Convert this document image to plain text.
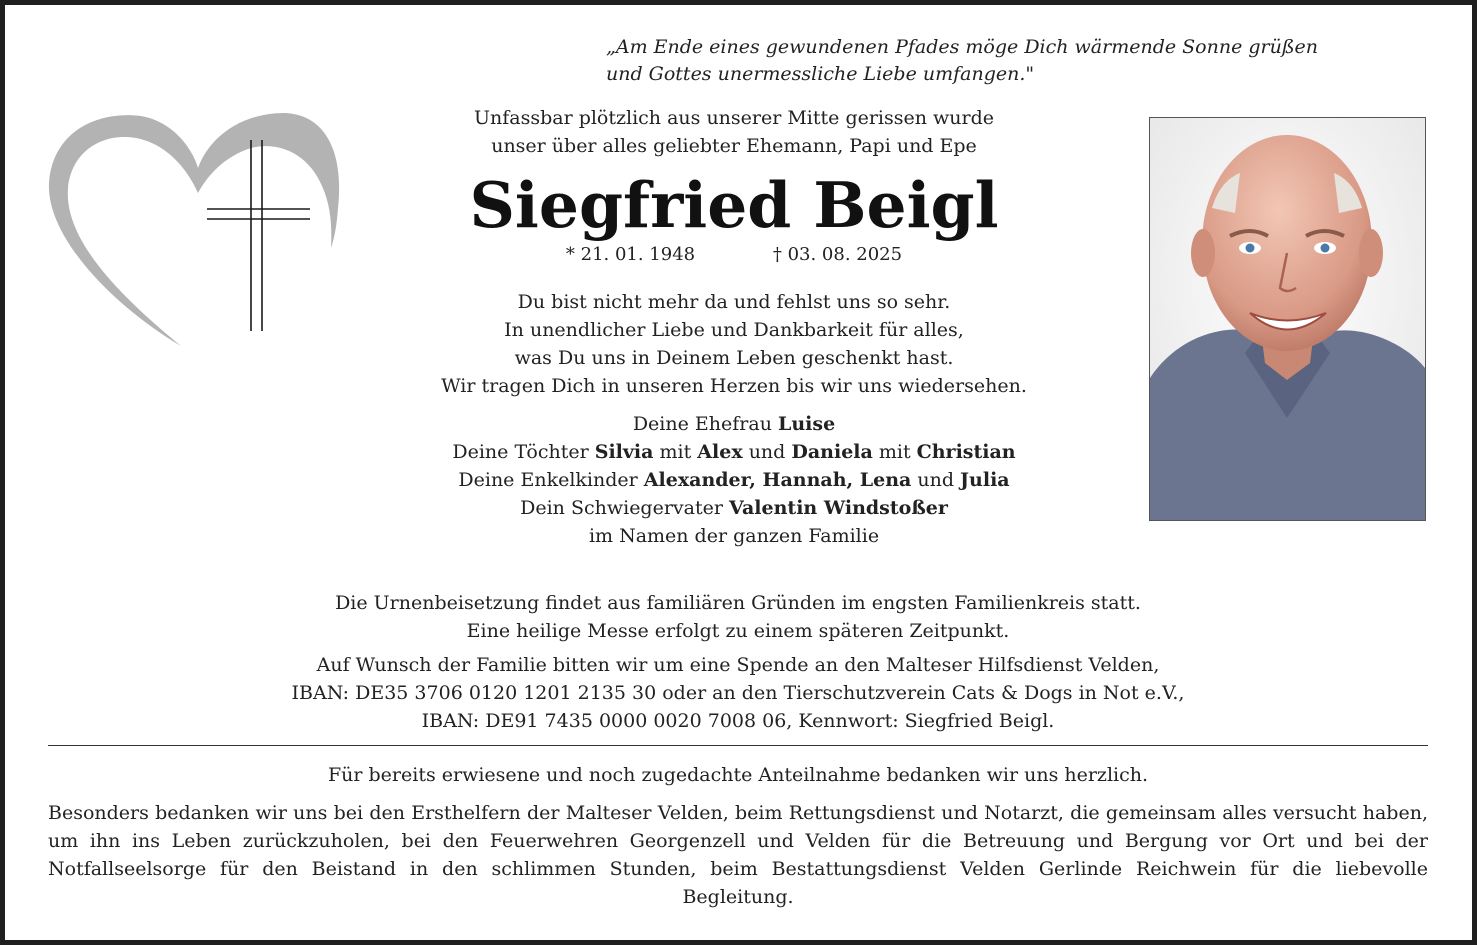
„Am Ende eines gewundenen Pfades möge Dich wärmende Sonne grüßen
und Gottes unermessliche Liebe umfangen."
Unfassbar plötzlich aus unserer Mitte gerissen wurde
unser über alles geliebter Ehemann, Papi und Epe
Siegfried Beigl
* 21. 01. 1948	† 03. 08. 2025
Du bist nicht mehr da und fehlst uns so sehr.
In unendlicher Liebe und Dankbarkeit für alles,
was Du uns in Deinem Leben geschenkt hast.
Wir tragen Dich in unseren Herzen bis wir uns wiedersehen.
Deine Ehefrau Luise
Deine Töchter Silvia mit Alex und Daniela mit Christian
Deine Enkelkinder Alexander, Hannah, Lena und Julia
Dein Schwiegervater Valentin Windstoßer
im Namen der ganzen Familie
Die Urnenbeisetzung findet aus familiären Gründen im engsten Familienkreis statt.
Eine heilige Messe erfolgt zu einem späteren Zeitpunkt.
Auf Wunsch der Familie bitten wir um eine Spende an den Malteser Hilfsdienst Velden,
IBAN: DE35 3706 0120 1201 2135 30 oder an den Tierschutzverein Cats & Dogs in Not e.V.,
IBAN: DE91 7435 0000 0020 7008 06, Kennwort: Siegfried Beigl.
Für bereits erwiesene und noch zugedachte Anteilnahme bedanken wir uns herzlich.
Besonders bedanken wir uns bei den Ersthelfern der Malteser Velden, beim Rettungsdienst und Notarzt, die gemeinsam alles versucht haben, um ihn ins Leben zurückzuholen, bei den Feuerwehren Georgenzell und Velden für die Betreuung und Bergung vor Ort und bei der Notfallseelsorge für den Beistand in den schlimmen Stunden, beim Bestattungsdienst Velden Gerlinde Reichwein für die liebevolle Begleitung.
